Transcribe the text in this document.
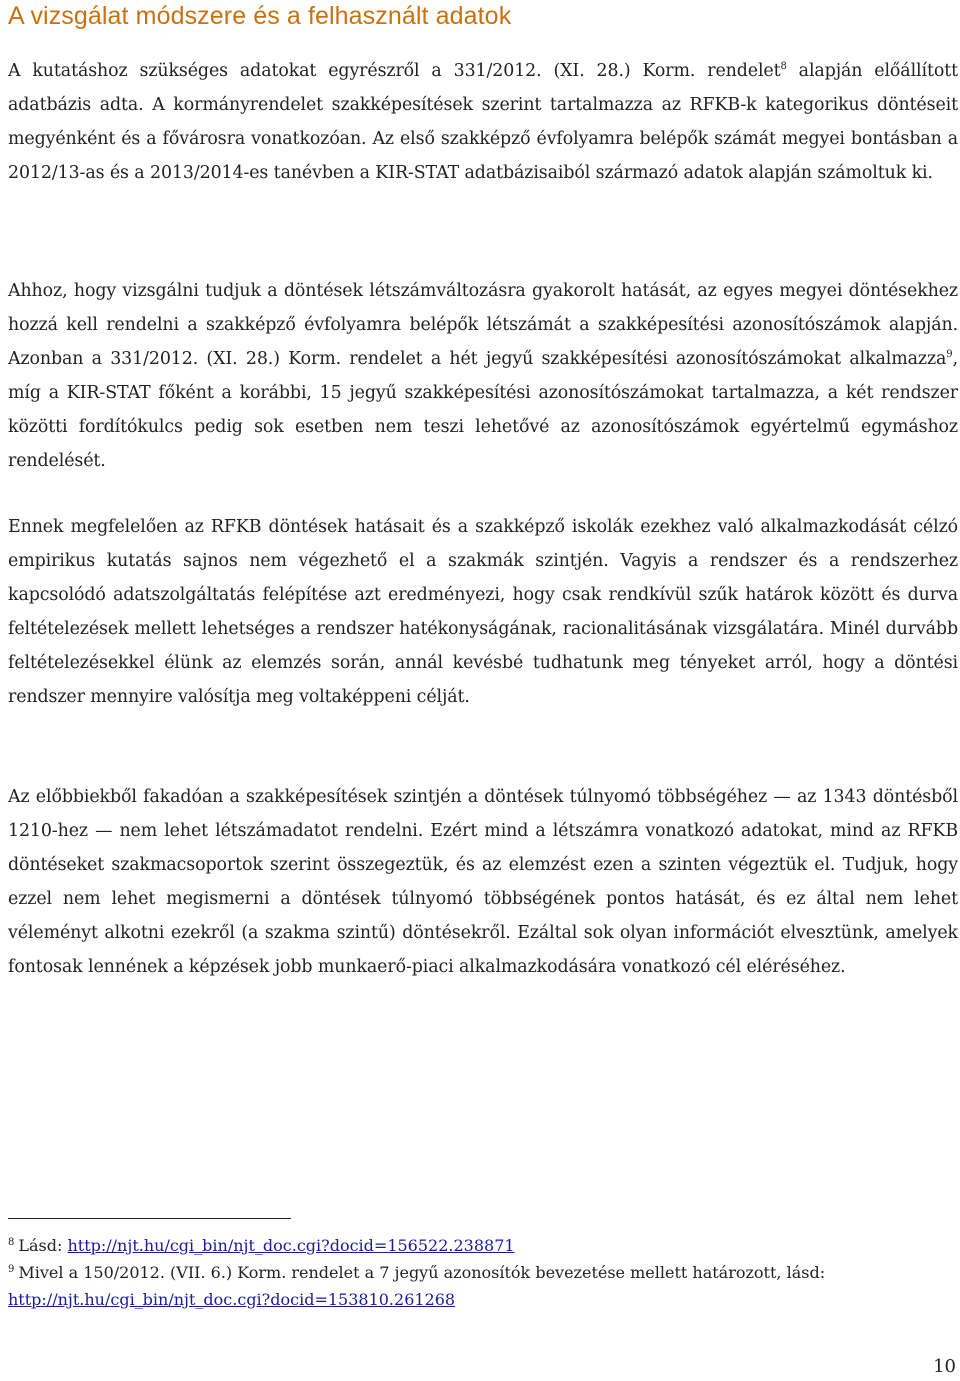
A vizsgálat módszere és a felhasznált adatok

A kutatáshoz szükséges adatokat egyrészről a 331/2012. (XI. 28.) Korm. rendelet$^8$ alapján előállított adatbázis adta. A kormányrendelet szakképesítések szerint tartalmazza az RFKB-k kategorikus döntéseit megyénként és a fővárosra vonatkozóan. Az első szakképző évfolyamra belépők számát megyei bontásban a 2012/13-as és a 2013/2014-es tanévben a KIR-STAT adatbázisaiból származó adatok alapján számoltuk ki.

Ahhoz, hogy vizsgálni tudjuk a döntések létszámváltozásra gyakorolt hatását, az egyes megyei döntésekhez hozzá kell rendelni a szakképző évfolyamra belépők létszámát a szakképesítési azonosítószámok alapján. Azonban a 331/2012. (XI. 28.) Korm. rendelet a hét jegyű szakképesítési azonosítószámokat alkalmazza$^9$, míg a KIR-STAT főként a korábbi, 15 jegyű szakképesítési azonosítószámokat tartalmazza, a két rendszer közötti fordítókulcs pedig sok esetben nem teszi lehetővé az azonosítószámok egyértelmű egymáshoz rendelését.

Ennek megfelelően az RFKB döntések hatásait és a szakképző iskolák ezekhez való alkalmazkodását célzó empirikus kutatás sajnos nem végezhető el a szakmák szintjén. Vagyis a rendszer és a rendszerhez kapcsolódó adatszolgáltatás felépítése azt eredményezi, hogy csak rendkívül szűk határok között és durva feltételezések mellett lehetséges a rendszer hatékonyságának, racionalitásának vizsgálatára. Minél durvább feltételezésekkel élünk az elemzés során, annál kevésbé tudhatunk meg tényeket arról, hogy a döntési rendszer mennyire valósítja meg voltaképpeni célját.

Az előbbiekből fakadóan a szakképesítések szintjén a döntések túlnyomó többségéhez — az 1343 döntésből 1210-hez — nem lehet létszámadatot rendelni. Ezért mind a létszámra vonatkozó adatokat, mind az RFKB döntéseket szakmacsoportok szerint összegeztük, és az elemzést ezen a szinten végeztük el. Tudjuk, hogy ezzel nem lehet megismerni a döntések túlnyomó többségének pontos hatását, és ez által nem lehet véleményt alkotni ezekről (a szakma szintű) döntésekről. Ezáltal sok olyan információt elvesztünk, amelyek fontosak lennének a képzések jobb munkaerő-piaci alkalmazkodására vonatkozó cél eléréséhez.

$^8$ Lásd: http://njt.hu/cgi_bin/njt_doc.cgi?docid=156522.238871

$^9$ Mivel a 150/2012. (VII. 6.) Korm. rendelet a 7 jegyű azonosítók bevezetése mellett határozott, lásd: http://njt.hu/cgi_bin/njt_doc.cgi?docid=153810.261268

10
